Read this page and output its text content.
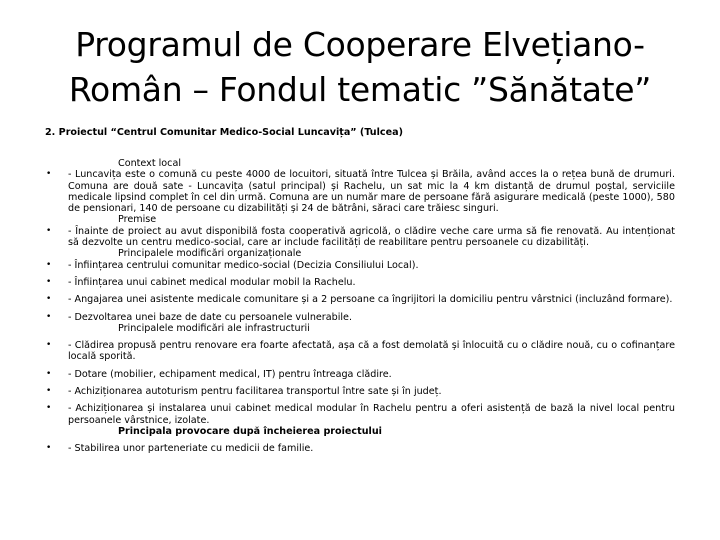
Programul de Cooperare Elvețiano-
Român – Fondul tematic ”Sănătate”
2. Proiectul “Centrul Comunitar Medico-Social Luncavița” (Tulcea)
Context local
• - Luncavița este o comună cu peste 4000 de locuitori, situată între Tulcea și Brăila, având acces la o rețea bună de drumuri. Comuna are două sate - Luncavița (satul principal) și Rachelu, un sat mic la 4 km distanță de drumul poștal, serviciile medicale lipsind complet în cel din urmă. Comuna are un număr mare de persoane fără asigurare medicală (peste 1000), 580 de pensionari, 140 de persoane cu dizabilități și 24 de bătrâni, săraci care trăiesc singuri.
Premise
• - Înainte de proiect au avut disponibilă fosta cooperativă agricolă, o clădire veche care urma să fie renovată. Au intenționat să dezvolte un centru medico-social, care ar include facilități de reabilitare pentru persoanele cu dizabilități.
Principalele modificări organizaționale
• - Înființarea centrului comunitar medico-social (Decizia Consiliului Local).
• - Înființarea unui cabinet medical modular mobil la Rachelu.
• - Angajarea unei asistente medicale comunitare și a 2 persoane ca îngrijitori la domiciliu pentru vârstnici (incluzând formare).
• - Dezvoltarea unei baze de date cu persoanele vulnerabile.
Principalele modificări ale infrastructurii
• - Clădirea propusă pentru renovare era foarte afectată, așa că a fost demolată și înlocuită cu o clădire nouă, cu o cofinanțare locală sporită.
• - Dotare (mobilier, echipament medical, IT) pentru întreaga clădire.
• - Achiziționarea autoturism pentru facilitarea transportul între sate și în județ.
• - Achiziționarea și instalarea unui cabinet medical modular în Rachelu pentru a oferi asistență de bază la nivel local pentru persoanele vârstnice, izolate.
Principala provocare după încheierea proiectului
• - Stabilirea unor parteneriate cu medicii de familie.
